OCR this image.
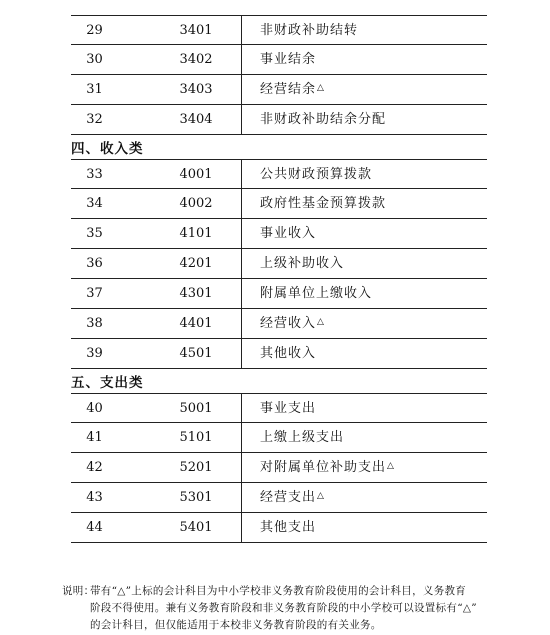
29	3401	非财政补助结转
30	3402	事业结余
31	3403	经营结余△
32	3404	非财政补助结余分配
四、收入类
33	4001	公共财政预算拨款
34	4002	政府性基金预算拨款
35	4101	事业收入
36	4201	上级补助收入
37	4301	附属单位上缴收入
38	4401	经营收入△
39	4501	其他收入
五、支出类
40	5001	事业支出
41	5101	上缴上级支出
42	5201	对附属单位补助支出△
43	5301	经营支出△
44	5401	其他支出
说明：
带有“△”上标的会计科目为中小学校非义务教育阶段使用的会计科目，义务教育
阶段不得使用。兼有义务教育阶段和非义务教育阶段的中小学校可以设置标有“△”
的会计科目，但仅能适用于本校非义务教育阶段的有关业务。
